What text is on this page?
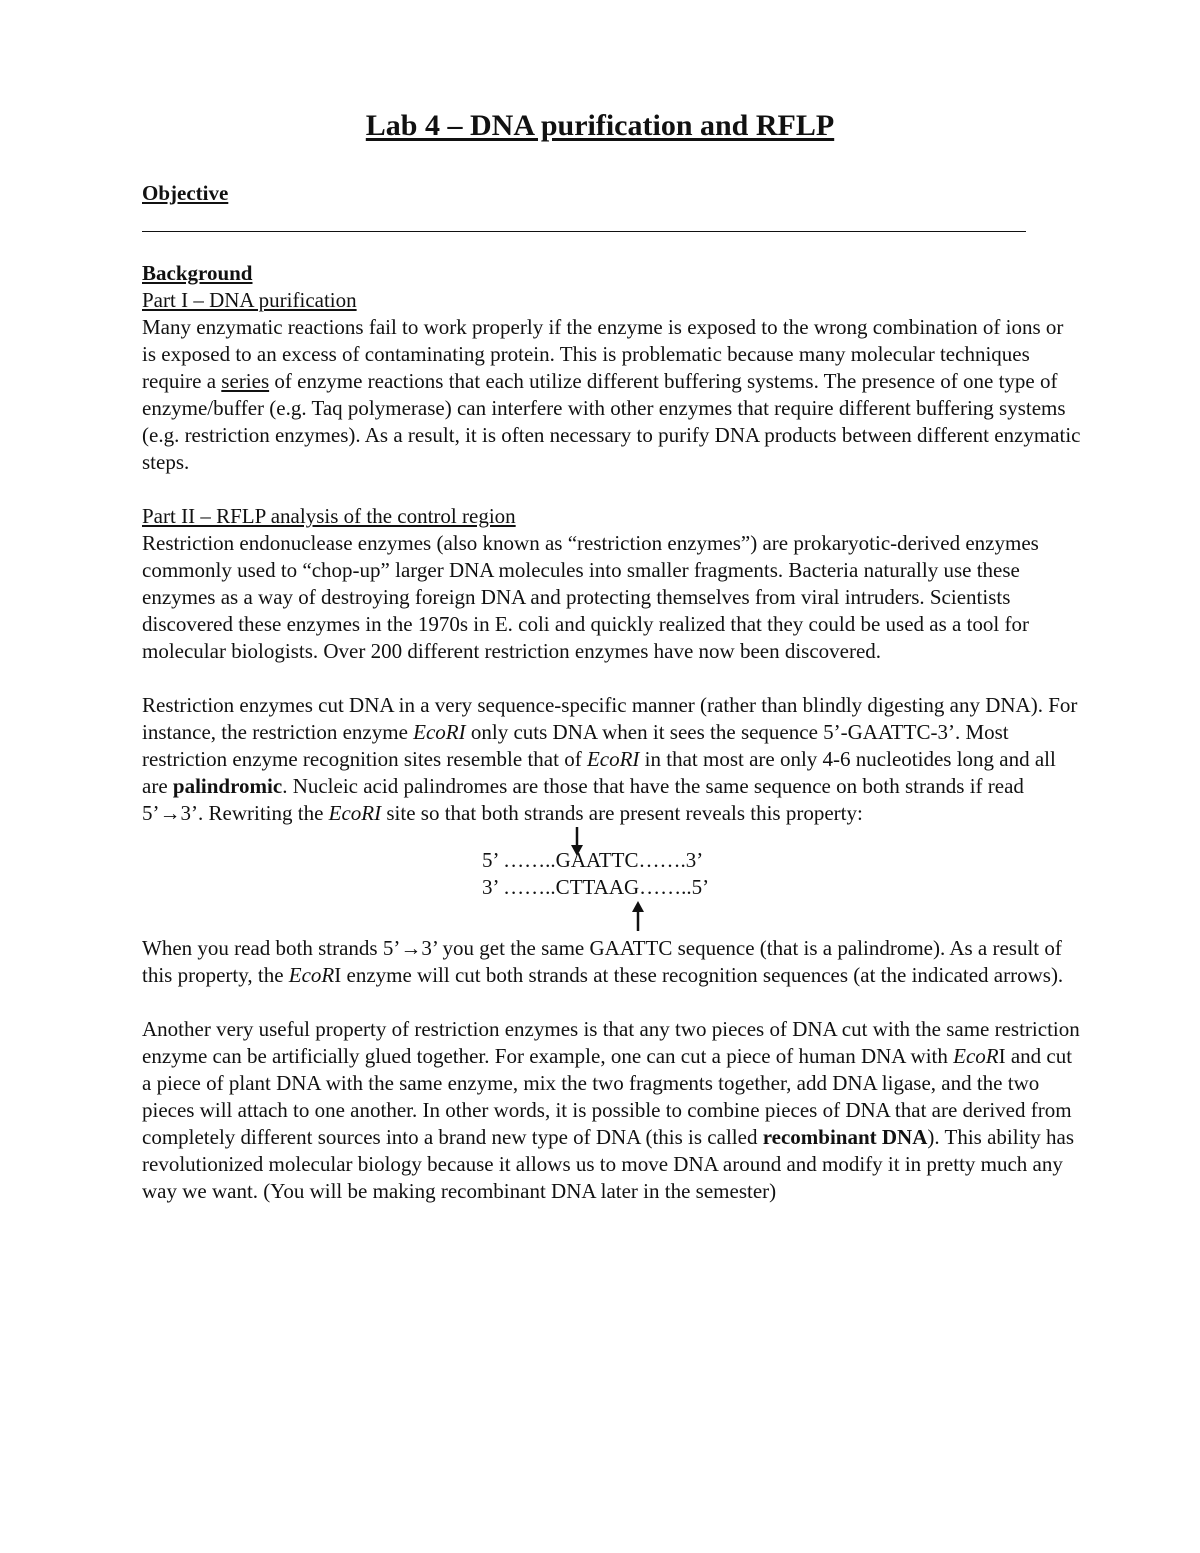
Lab 4 – DNA purification and RFLP
Objective

Background

Part I – DNA purification

Many enzymatic reactions fail to work properly if the enzyme is exposed to the wrong combination of ions or is exposed to an excess of contaminating protein. This is problematic because many molecular techniques require a series of enzyme reactions that each utilize different buffering systems. The presence of one type of enzyme/buffer (e.g. Taq polymerase) can interfere with other enzymes that require different buffering systems (e.g. restriction enzymes). As a result, it is often necessary to purify DNA products between different enzymatic steps.

Part II – RFLP analysis of the control region

Restriction endonuclease enzymes (also known as “restriction enzymes”) are prokaryotic-derived enzymes commonly used to “chop-up” larger DNA molecules into smaller fragments. Bacteria naturally use these enzymes as a way of destroying foreign DNA and protecting themselves from viral intruders. Scientists discovered these enzymes in the 1970s in E. coli and quickly realized that they could be used as a tool for molecular biologists. Over 200 different restriction enzymes have now been discovered.

Restriction enzymes cut DNA in a very sequence-specific manner (rather than blindly digesting any DNA). For instance, the restriction enzyme EcoRI only cuts DNA when it sees the sequence 5’-GAATTC-3’. Most restriction enzyme recognition sites resemble that of EcoRI in that most are only 4-6 nucleotides long and all are palindromic. Nucleic acid palindromes are those that have the same sequence on both strands if read 5’→3’. Rewriting the EcoRI site so that both strands are present reveals this property:

5’ ……..GAATTC…….3’
3’ ……..CTTAAG……..5’

When you read both strands 5’→3’ you get the same GAATTC sequence (that is a palindrome). As a result of this property, the EcoRI enzyme will cut both strands at these recognition sequences (at the indicated arrows).

Another very useful property of restriction enzymes is that any two pieces of DNA cut with the same restriction enzyme can be artificially glued together. For example, one can cut a piece of human DNA with EcoRI and cut a piece of plant DNA with the same enzyme, mix the two fragments together, add DNA ligase, and the two pieces will attach to one another. In other words, it is possible to combine pieces of DNA that are derived from completely different sources into a brand new type of DNA (this is called recombinant DNA). This ability has revolutionized molecular biology because it allows us to move DNA around and modify it in pretty much any way we want. (You will be making recombinant DNA later in the semester)
